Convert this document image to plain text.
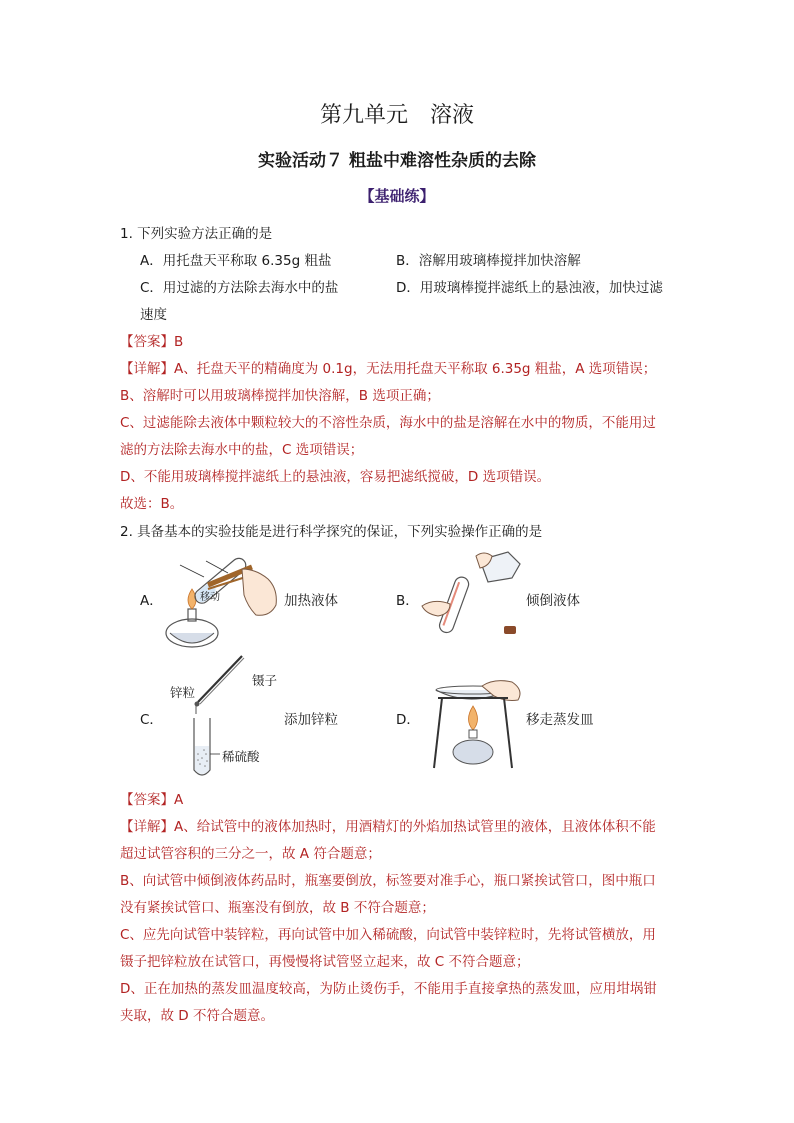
第九单元　溶液
实验活动７ 粗盐中难溶性杂质的去除
【基础练】
1. 下列实验方法正确的是
A．用托盘天平称取 6.35g 粗盐	B．溶解用玻璃棒搅拌加快溶解
C．用过滤的方法除去海水中的盐	D．用玻璃棒搅拌滤纸上的悬浊液，加快过滤
速度
【答案】B
【详解】A、托盘天平的精确度为 0.1g，无法用托盘天平称取 6.35g 粗盐，A 选项错误；
B、溶解时可以用玻璃棒搅拌加快溶解，B 选项正确；
C、过滤能除去液体中颗粒较大的不溶性杂质，海水中的盐是溶解在水中的物质，不能用过
滤的方法除去海水中的盐，C 选项错误；
D、不能用玻璃棒搅拌滤纸上的悬浊液，容易把滤纸搅破，D 选项错误。
故选：B。
2. 具备基本的实验技能是进行科学探究的保证，下列实验操作正确的是
A．	移动	加热液体	B．	倾倒液体
C．
镊子
锌粒
稀硫酸
添加锌粒	D．	移走蒸发皿
【答案】A
【详解】A、给试管中的液体加热时，用酒精灯的外焰加热试管里的液体，且液体体积不能
超过试管容积的三分之一，故 A 符合题意；
B、向试管中倾倒液体药品时，瓶塞要倒放，标签要对准手心，瓶口紧挨试管口，图中瓶口
没有紧挨试管口、瓶塞没有倒放，故 B 不符合题意；
C、应先向试管中装锌粒，再向试管中加入稀硫酸，向试管中装锌粒时，先将试管横放，用
镊子把锌粒放在试管口，再慢慢将试管竖立起来，故 C 不符合题意；
D、正在加热的蒸发皿温度较高，为防止烫伤手，不能用手直接拿热的蒸发皿，应用坩埚钳
夹取，故 D 不符合题意。
